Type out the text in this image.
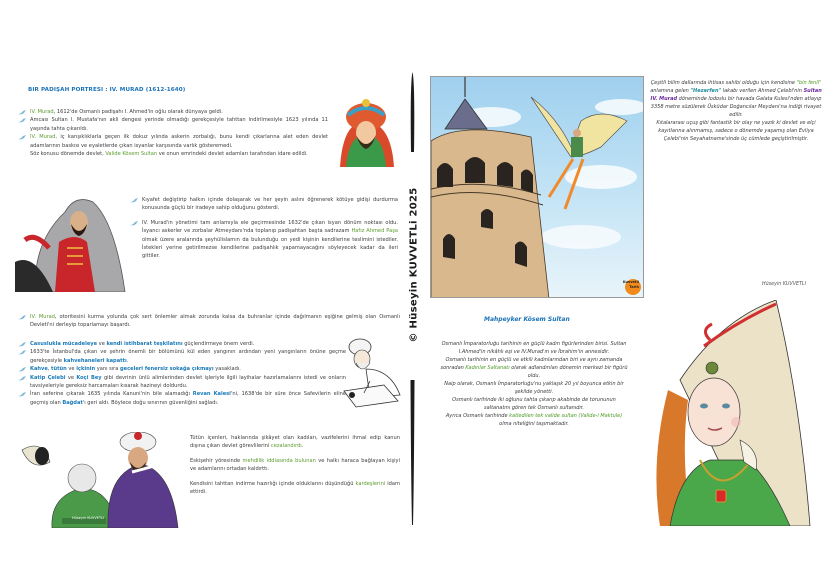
BIR PADIŞAH PORTRESI : IV. MURAD (1612-1640)

IV. Murad, 1612'de Osmanlı padişahı I. Ahmed'in oğlu olarak dünyaya geldi.

Amcası Sultan I. Mustafa'nın akli dengesi yerinde olmadığı gerekçesiyle tahttan indirilmesiyle 1623 yılında 11 yaşında tahta çıkarıldı.

IV. Murad, iç karışıklıklarla geçen ilk dokuz yılında askerin zorbalığı, bunu kendi çıkarlarına alet eden devlet adamlarının baskısı ve eyaletlerde çıkan isyanlar karşısında varlık gösteremedi.

Söz konusu dönemde devlet, Valide Kösem Sultan ve onun emrindeki devlet adamları tarafından idare edildi.

Kıyafet değiştirip halkın içinde dolaşarak ve her şeyin aslını öğrenerek kötüye gidişi durdurma konusunda güçlü bir iradeye sahip olduğunu gösterdi.

IV. Murad'ın yönetimi tam anlamıyla ele geçirmesinde 1632'de çıkan isyan dönüm noktası oldu. İsyancı askerler ve zorbalar Atmeydanı'nda toplanıp padişahtan başta sadrazam Hafız Ahmed Paşa olmak üzere aralarında şeyhülislamın da bulunduğu on yedi kişinin kendilerine teslimini istediler. İstekleri yerine getirilmezse kendilerine padişahlık yapamayacağını söyleyecek kadar da ileri gittiler.

IV. Murad, otoritesini kurma yolunda çok sert önlemler almak zorunda kalsa da buhranlar içinde dağılmanın eşiğine gelmiş olan Osmanlı Devleti'ni derleyip toparlamayı başardı.

Casuslukla mücadeleye ve kendi istihbarat teşkilatını güçlendirmeye önem verdi.

1633'te İstanbul'da çıkan ve şehrin önemli bir bölümünü kül eden yangının ardından yeni yangınların önüne geçme gerekçesiyle kahvehaneleri kapattı.

Kahve, tütün ve içkinin yanı sıra geceleri fenersiz sokağa çıkmayı yasakladı.

Katip Çelebi ve Koçi Bey gibi devrinin ünlü alimlerinden devlet işleriyle ilgili layihalar hazırlamalarını istedi ve onların tavsiyeleriyle gereksiz harcamaları kısarak hazineyi doldurdu.

İran seferine çıkarak 1635 yılında Kanuni'nin bile alamadığı Revan Kalesi'ni, 1638'de bir süre önce Safevilerin eline geçmiş olan Bağdat'ı geri aldı. Böylece doğu sınırının güvenliğini sağladı.

Hüseyin KUVVETLI

Tütün içenleri, haklarında şikâyet olan kadıları, vazifelerini ihmal edip kanun dışına çıkan devlet görevlilerini cezalandırdı.

Eskişehir yöresinde mehdilik iddiasında bulunan ve halkı haraca bağlayan kişiyi ve adamlarını ortadan kaldırttı.

Kendisini tahttan indirme hazırlığı içinde olduklarını düşündüğü kardeşlerini idam ettirdi.

© Hüseyin KUVVETLi 2025	Kuvvetli
Tarih

Çeşitli bilim dallarında ihtisas sahibi olduğu için kendisine "bin fenli" anlamına gelen "Hezarfen" lakabı verilen Ahmed Çelebi'nin Sultan IV. Murad döneminde lodoslu bir havada Galata Kulesi'nden atlayıp 3358 metre süzülerek Üsküdar Doğancılar Meydanı'na indiği rivayet edilir.

Kıtalararası uçuş gibi fantastik bir olay ne yazık ki devlet ve elçi kayıtlarına alınmamış, sadece o dönemde yaşamış olan Evliya Çelebi'nin Seyahatname'sinde üç cümlede geçiştirilmiştir.

Hüseyin KUVVETLI
Mahpeyker Kösem Sultan

Osmanlı İmparatorluğu tarihinin en güçlü kadın figürlerinden birisi. Sultan I.Ahmed'in nikâhlı eşi ve IV.Murad'ın ve İbrahim'in annesidir.

Osmanlı tarihinin en güçlü ve etkili kadınlarından biri ve aynı zamanda sonradan Kadınlar Saltanatı olarak adlandırılan dönemin merkezi bir figürü oldu.

Naip olarak, Osmanlı İmparatorluğu'nu yaklaşık 20 yıl boyunca etkin bir şekilde yönetti.

Osmanlı tarihinde iki oğlunu tahta çıkarıp akabinde de torununun saltanatını gören tek Osmanlı sultanıdır.

Ayrıca Osmanlı tarihinde katledilen tek valide sultan (Valide-i Maktule) olma niteliğini taşımaktadır.
